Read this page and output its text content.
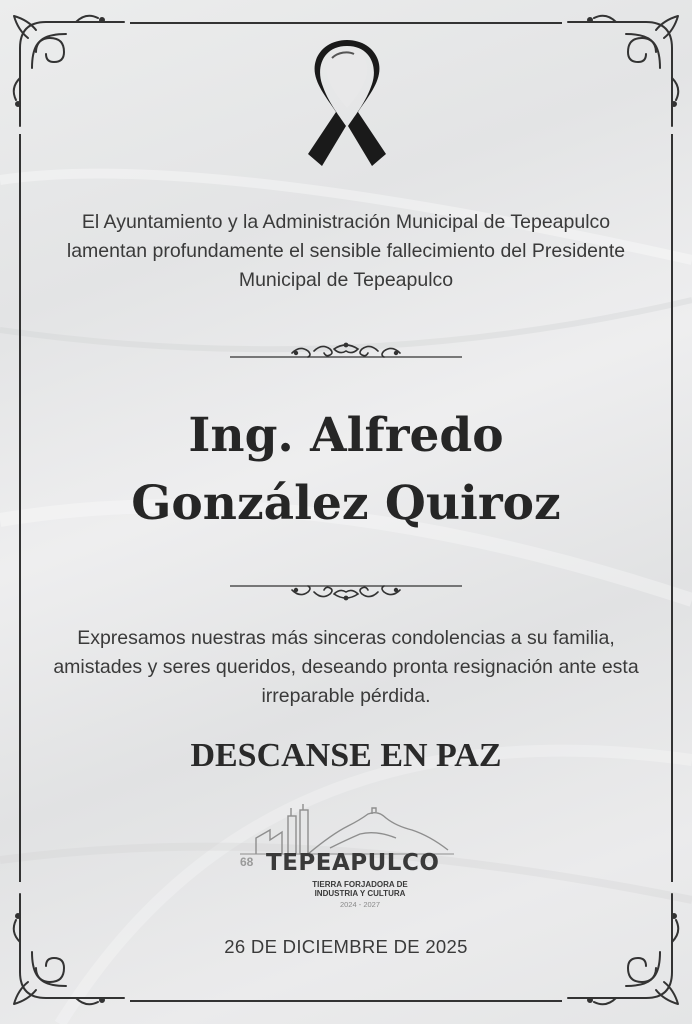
El Ayuntamiento y la Administración Municipal de Tepeapulco lamentan profundamente el sensible fallecimiento del Presidente Municipal de Tepeapulco
Ing. Alfredo
González Quiroz
Expresamos nuestras más sinceras condolencias a su familia, amistades y seres queridos, deseando pronta resignación ante esta irreparable pérdida.
DESCANSE EN PAZ
68 TEPEAPULCO
TIERRA FORJADORA DE
INDUSTRIA Y CULTURA
2024 - 2027
26 DE DICIEMBRE DE 2025
